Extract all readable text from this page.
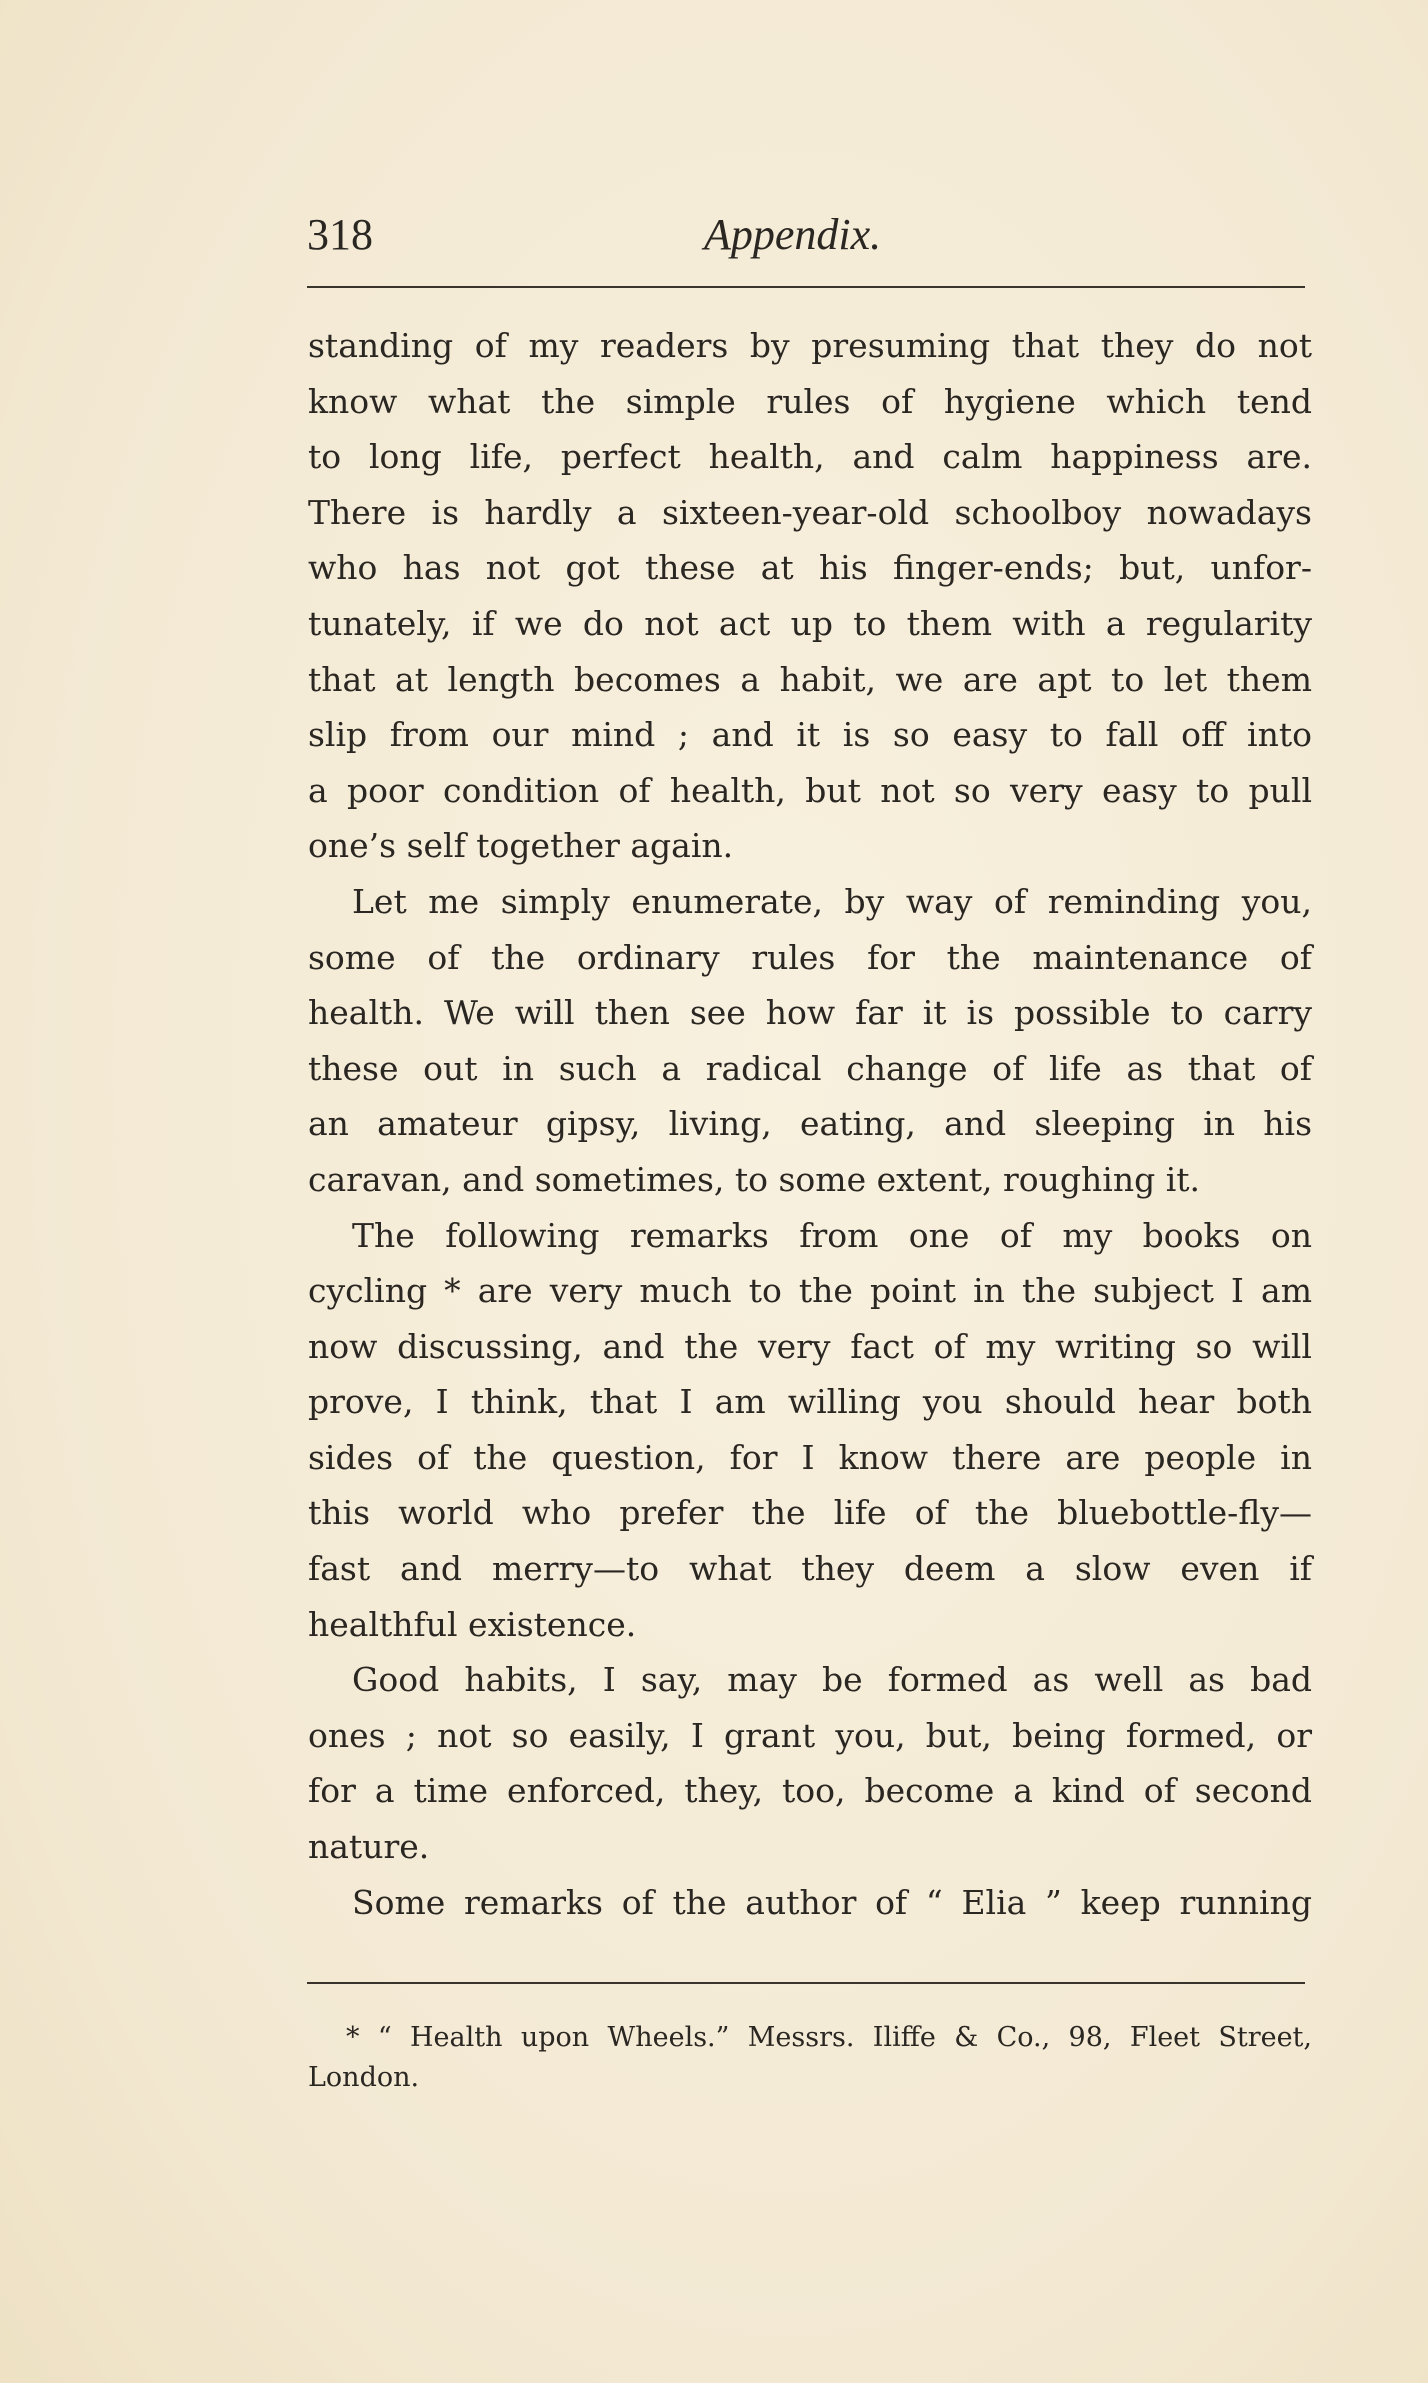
318	Appendix.
standing of my readers by presuming that they do not
know what the simple rules of hygiene which tend
to long life, perfect health, and calm happiness are.
There is hardly a sixteen-year-old schoolboy nowadays
who has not got these at his finger-ends; but, unfor-
tunately, if we do not act up to them with a regularity
that at length becomes a habit, we are apt to let them
slip from our mind ; and it is so easy to fall off into
a poor condition of health, but not so very easy to pull
one’s self together again.
Let me simply enumerate, by way of reminding you,
some of the ordinary rules for the maintenance of
health. We will then see how far it is possible to carry
these out in such a radical change of life as that of
an amateur gipsy, living, eating, and sleeping in his
caravan, and sometimes, to some extent, roughing it.
The following remarks from one of my books on
cycling * are very much to the point in the subject I am
now discussing, and the very fact of my writing so will
prove, I think, that I am willing you should hear both
sides of the question, for I know there are people in
this world who prefer the life of the bluebottle-fly—
fast and merry—to what they deem a slow even if
healthful existence.
Good habits, I say, may be formed as well as bad
ones ; not so easily, I grant you, but, being formed, or
for a time enforced, they, too, become a kind of second
nature.
Some remarks of the author of “ Elia ” keep running
* “ Health upon Wheels.” Messrs. Iliffe & Co., 98, Fleet Street,
London.
